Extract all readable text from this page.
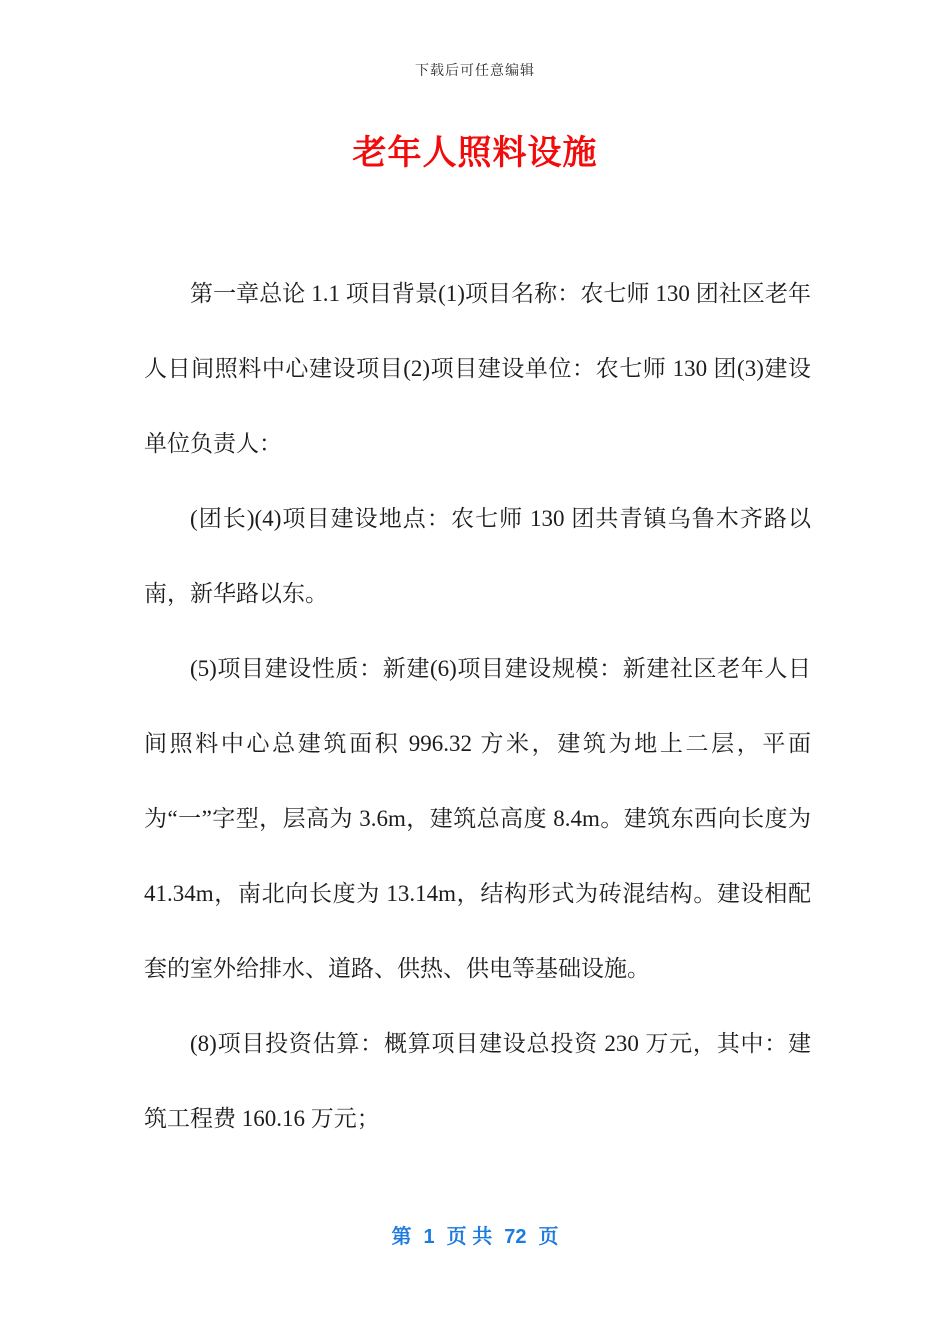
下载后可任意编辑
老年人照料设施

第一章总论 1.1 项目背景(1)项目名称：农七师 130 团社区老年人日间照料中心建设项目(2)项目建设单位：农七师 130 团(3)建设单位负责人：

(团长)(4)项目建设地点：农七师 130 团共青镇乌鲁木齐路以南，新华路以东。

(5)项目建设性质：新建(6)项目建设规模：新建社区老年人日间照料中心总建筑面积 996.32 方米，建筑为地上二层，平面为“一”字型，层高为 3.6m，建筑总高度 8.4m。建筑东西向长度为 41.34m，南北向长度为 13.14m，结构形式为砖混结构。建设相配套的室外给排水、道路、供热、供电等基础设施。

(8)项目投资估算：概算项目建设总投资 230 万元，其中：建筑工程费 160.16 万元；

第 1 页 共 72 页
